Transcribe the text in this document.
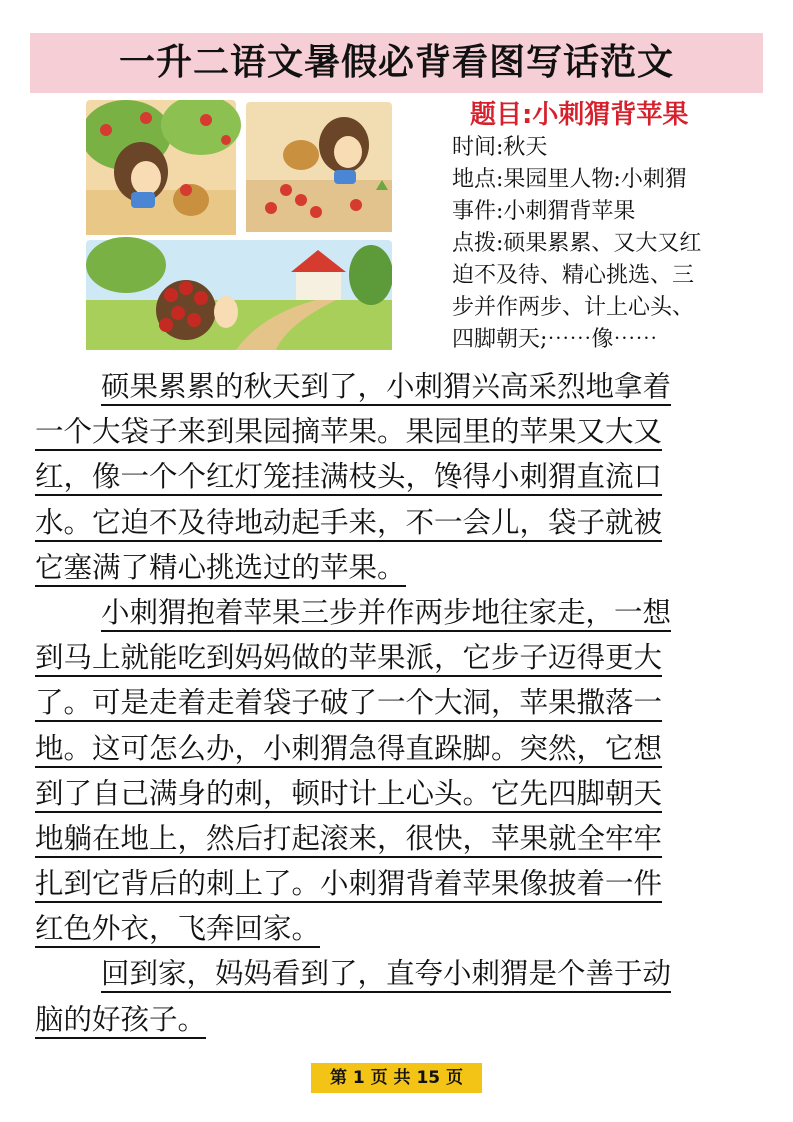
一升二语文暑假必背看图写话范文
题目:小刺猬背苹果
时间:秋天
地点:果园里人物:小刺猬
事件:小刺猬背苹果
点拨:硕果累累、又大又红
迫不及待、精心挑选、三
步并作两步、计上心头、
四脚朝天;⋯⋯像⋯⋯

硕果累累的秋天到了，小刺猬兴高采烈地拿着

一个大袋子来到果园摘苹果。果园里的苹果又大又

红，像一个个红灯笼挂满枝头，馋得小刺猬直流口

水。它迫不及待地动起手来，不一会儿，袋子就被

它塞满了精心挑选过的苹果。

小刺猬抱着苹果三步并作两步地往家走，一想

到马上就能吃到妈妈做的苹果派，它步子迈得更大

了。可是走着走着袋子破了一个大洞，苹果撒落一

地。这可怎么办，小刺猬急得直跺脚。突然，它想

到了自己满身的刺，顿时计上心头。它先四脚朝天

地躺在地上，然后打起滚来，很快，苹果就全牢牢

扎到它背后的刺上了。小刺猬背着苹果像披着一件

红色外衣，飞奔回家。

回到家，妈妈看到了，直夸小刺猬是个善于动

脑的好孩子。

第 1 页 共 15 页
